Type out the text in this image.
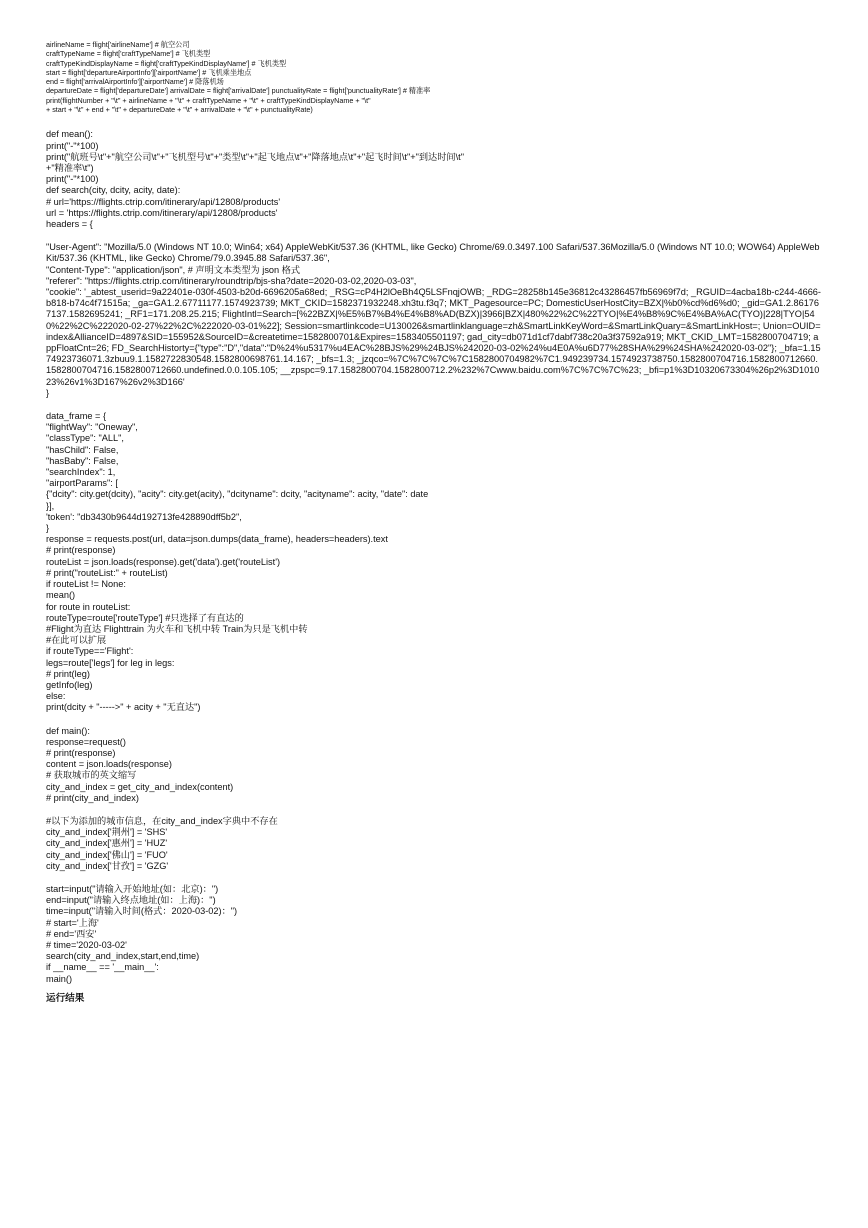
airlineName = flight['airlineName'] # 航空公司
craftTypeName = flight['craftTypeName'] # 飞机类型
craftTypeKindDisplayName = flight['craftTypeKindDisplayName'] # 飞机类型
start = flight['departureAirportInfo']['airportName'] # 飞机乘坐地点
end = flight['arrivalAirportInfo']['airportName'] # 降落机场
departureDate = flight['departureDate'] arrivalDate = flight['arrivalDate'] punctualityRate = flight['punctualityRate'] # 精准率
print(flightNumber + "\t" + airlineName + "\t" + craftTypeName + "\t" + craftTypeKindDisplayName + "\t"
+ start + "\t" + end + "\t" + departureDate + "\t" + arrivalDate + "\t" + punctualityRate)
def mean():
print("-"*100)
print("航班号\t"+"航空公司\t"+"飞机型号\t"+"类型\t"+"起飞地点\t"+"降落地点\t"+"起飞时间\t"+"到达时间\t"
+"精准率\t")
print("-"*100)
def search(city, dcity, acity, date):
# url='https://flights.ctrip.com/itinerary/api/12808/products'
url = 'https://flights.ctrip.com/itinerary/api/12808/products'
headers = {
"User-Agent": "Mozilla/5.0 (Windows NT 10.0; Win64; x64) AppleWebKit/537.36 (KHTML, like Gecko) Chrome/69.0.3497.100 Safari/537.36Mozilla/5.0 (Windows NT 10.0; WOW64) AppleWebKit/537.36 (KHTML, like Gecko) Chrome/79.0.3945.88 Safari/537.36",
"Content-Type": "application/json", # 声明文本类型为 json 格式
"referer": "https://flights.ctrip.com/itinerary/roundtrip/bjs-sha?date=2020-03-02,2020-03-03",
"cookie": '_abtest_userid=9a22401e-030f-4503-b20d-6696205a68ed; _RSG=cP4H2lOeBh4Q5LSFnqjOWB; _RDG=28258b145e36812c43286457fb56969f7d; _RGUID=4acba18b-c244-4666-b818-b74c4f71515a; _ga=GA1.2.67711177.1574923739; MKT_CKID=1582371932248.xh3tu.f3q7; MKT_Pagesource=PC; DomesticUserHostCity=BZX|%b0%cd%d6%d0; _gid=GA1.2.861767137.1582695241; _RF1=171.208.25.215; FlightIntl=Search=[%22BZX|%E5%B7%B4%E4%B8%AD(BZX)|3966|BZX|480%22%2C%22TYO|%E4%B8%9C%E4%BA%AC(TYO)|228|TYO|540%22%2C%222020-02-27%22%2C%222020-03-01%22]; Session=smartlinkcode=U130026&smartlinklanguage=zh&SmartLinkKeyWord=&SmartLinkQuary=&SmartLinkHost=; Union=OUID=index&AllianceID=4897&SID=155952&SourceID=&createtime=1582800701&Expires=1583405501197; gad_city=db071d1cf7dabf738c20a3f37592a919; MKT_CKID_LMT=1582800704719; appFloatCnt=26; FD_SearchHistorty={"type":"D","data":"D%24%u5317%u4EAC%28BJS%29%24BJS%242020-03-02%24%u4E0A%u6D77%28SHA%29%24SHA%242020-03-02"}; _bfa=1.1574923736071.3zbuu9.1.1582722830548.1582800698761.14.167; _bfs=1.3; _jzqco=%7C%7C%7C%7C1582800704982%7C1.949239734.1574923738750.1582800704716.1582800712660.1582800704716.1582800712660.undefined.0.0.105.105; __zpspc=9.17.1582800704.1582800712.2%232%7Cwww.baidu.com%7C%7C%7C%23; _bfi=p1%3D10320673304%26p2%3D101023%26v1%3D167%26v2%3D166'
}
data_frame = {
"flightWay": "Oneway",
"classType": "ALL",
"hasChild": False,
"hasBaby": False,
"searchIndex": 1,
"airportParams": [
{"dcity": city.get(dcity), "acity": city.get(acity), "dcityname": dcity, "acityname": acity, "date": date
}],
'token': "db3430b9644d192713fe428890dff5b2",
}
response = requests.post(url, data=json.dumps(data_frame), headers=headers).text
# print(response)
routeList = json.loads(response).get('data').get('routeList')
# print("routeList:" + routeList)
if routeList != None:
mean()
for route in routeList:
routeType=route['routeType'] #只选择了有直达的
#Flight为直达 Flighttrain 为火车和飞机中转 Train为只是飞机中转
#在此可以扩展
if routeType=='Flight':
legs=route['legs'] for leg in legs:
# print(leg)
getInfo(leg)
else:
print(dcity + "----->" + acity + "无直达")
def main():
response=request()
# print(response)
content = json.loads(response)
# 获取城市的英文缩写
city_and_index = get_city_and_index(content)
# print(city_and_index)
#以下为添加的城市信息，在city_and_index字典中不存在
city_and_index['荆州'] = 'SHS'
city_and_index['惠州'] = 'HUZ'
city_and_index['佛山'] = 'FUO'
city_and_index['甘孜'] = 'GZG'
start=input("请输入开始地址(如：北京)：")
end=input("请输入终点地址(如：上海)：")
time=input("请输入时间(格式：2020-03-02)：")
# start='上海'
# end='西安'
# time='2020-03-02'
search(city_and_index,start,end,time)
if __name__ == '__main__':
main()
运行结果
